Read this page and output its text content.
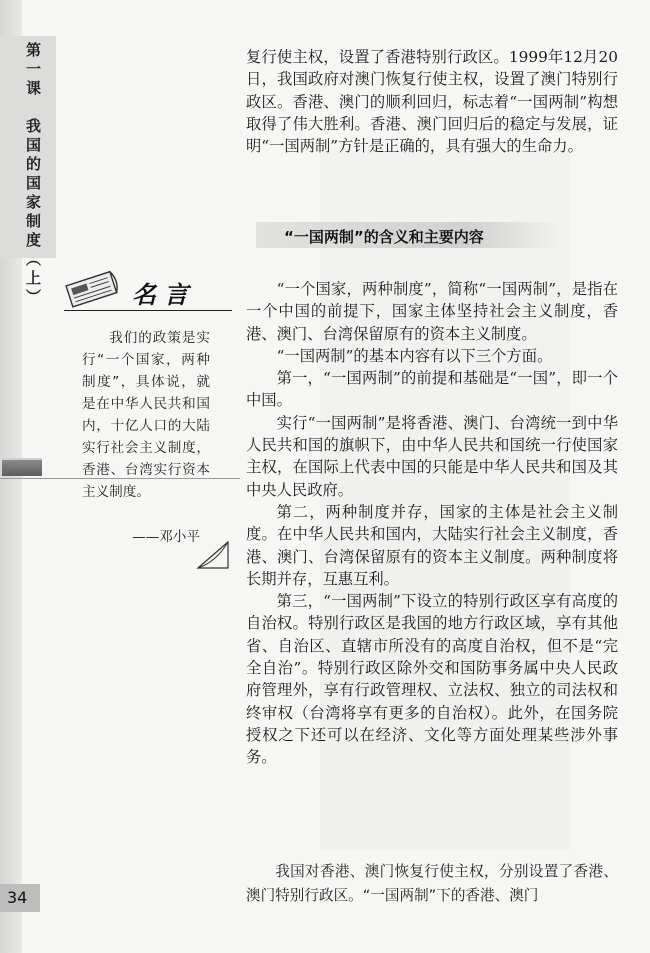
第一课　我国的国家制度（上）
34

复行使主权，设置了香港特别行政区。1999年12月20日，我国政府对澳门恢复行使主权，设置了澳门特别行政区。香港、澳门的顺利回归，标志着“一国两制”构想取得了伟大胜利。香港、澳门回归后的稳定与发展，证明“一国两制”方针是正确的，具有强大的生命力。

“一国两制”的含义和主要内容

“一个国家，两种制度”，简称“一国两制”，是指在一个中国的前提下，国家主体坚持社会主义制度，香港、澳门、台湾保留原有的资本主义制度。

“一国两制”的基本内容有以下三个方面。

第一，“一国两制”的前提和基础是“一国”，即一个中国。

实行“一国两制”是将香港、澳门、台湾统一到中华人民共和国的旗帜下，由中华人民共和国统一行使国家主权，在国际上代表中国的只能是中华人民共和国及其中央人民政府。

第二，两种制度并存，国家的主体是社会主义制度。在中华人民共和国内，大陆实行社会主义制度，香港、澳门、台湾保留原有的资本主义制度。两种制度将长期并存，互惠互利。

第三，“一国两制”下设立的特别行政区享有高度的自治权。特别行政区是我国的地方行政区域，享有其他省、自治区、直辖市所没有的高度自治权，但不是“完全自治”。特别行政区除外交和国防事务属中央人民政府管理外，享有行政管理权、立法权、独立的司法权和终审权（台湾将享有更多的自治权）。此外，在国务院授权之下还可以在经济、文化等方面处理某些涉外事务。

我国对香港、澳门恢复行使主权，分别设置了香港、澳门特别行政区。“一国两制”下的香港、澳门

名言

我们的政策是实行“一个国家，两种制度”，具体说，就是在中华人民共和国内，十亿人口的大陆实行社会主义制度，香港、台湾实行资本主义制度。

——邓小平
